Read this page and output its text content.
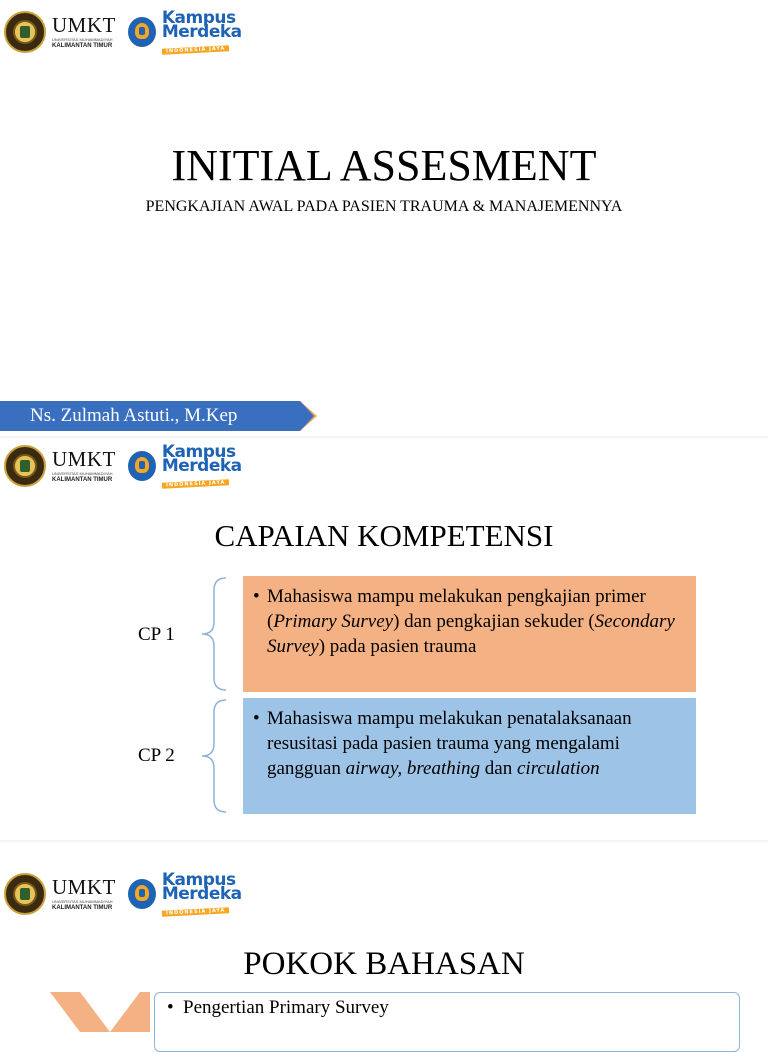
UMKT
UNIVERSITAS MUHAMMADIYAH
KALIMANTAN TIMUR
Kampus
Merdeka
INDONESIA JAYA
INITIAL ASSESMENT
PENGKAJIAN AWAL PADA PASIEN TRAUMA & MANAJEMENNYA
Ns. Zulmah Astuti., M.Kep
UMKT
UNIVERSITAS MUHAMMADIYAH
KALIMANTAN TIMUR
Kampus
Merdeka
INDONESIA JAYA
CAPAIAN KOMPETENSI
CP 1
• Mahasiswa mampu melakukan pengkajian primer (Primary Survey) dan pengkajian sekuder (Secondary Survey) pada pasien trauma
CP 2
• Mahasiswa mampu melakukan penatalaksanaan resusitasi pada pasien trauma yang mengalami gangguan airway, breathing dan circulation
UMKT
UNIVERSITAS MUHAMMADIYAH
KALIMANTAN TIMUR
Kampus
Merdeka
INDONESIA JAYA
POKOK BAHASAN
• Pengertian Primary Survey
